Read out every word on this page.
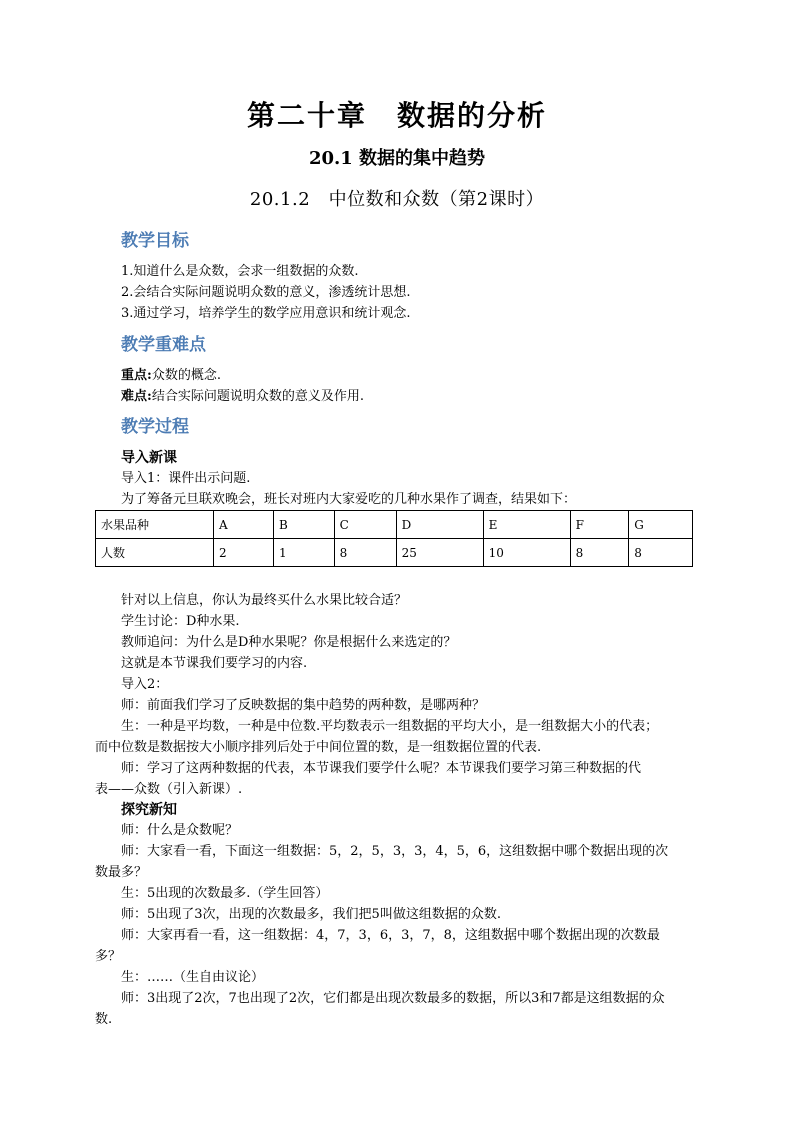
第二十章　数据的分析
20.1 数据的集中趋势
20.1.2　中位数和众数（第2课时）
教学目标

1.知道什么是众数，会求一组数据的众数.

2.会结合实际问题说明众数的意义，渗透统计思想.

3.通过学习，培养学生的数学应用意识和统计观念.

教学重难点

重点:众数的概念.

难点:结合实际问题说明众数的意义及作用.

教学过程

导入新课

导入1：课件出示问题.

为了筹备元旦联欢晚会，班长对班内大家爱吃的几种水果作了调查，结果如下：

水果品种	A	B	C	D	E	F	G
人数	2	1	8	25	10	8	8

针对以上信息，你认为最终买什么水果比较合适？

学生讨论：D种水果.

教师追问：为什么是D种水果呢？你是根据什么来选定的？

这就是本节课我们要学习的内容.

导入2：

师：前面我们学习了反映数据的集中趋势的两种数，是哪两种？

生：一种是平均数，一种是中位数.平均数表示一组数据的平均大小，是一组数据大小的代表；

而中位数是数据按大小顺序排列后处于中间位置的数，是一组数据位置的代表.

师：学习了这两种数据的代表，本节课我们要学什么呢？本节课我们要学习第三种数据的代

表——众数（引入新课）.

探究新知

师：什么是众数呢？

师：大家看一看，下面这一组数据：5，2，5，3，3，4，5，6，这组数据中哪个数据出现的次

数最多？

生：5出现的次数最多.（学生回答）

师：5出现了3次，出现的次数最多，我们把5叫做这组数据的众数.

师：大家再看一看，这一组数据：4，7，3，6，3，7，8，这组数据中哪个数据出现的次数最

多？

生：……（生自由议论）

师：3出现了2次，7也出现了2次，它们都是出现次数最多的数据，所以3和7都是这组数据的众

数.
